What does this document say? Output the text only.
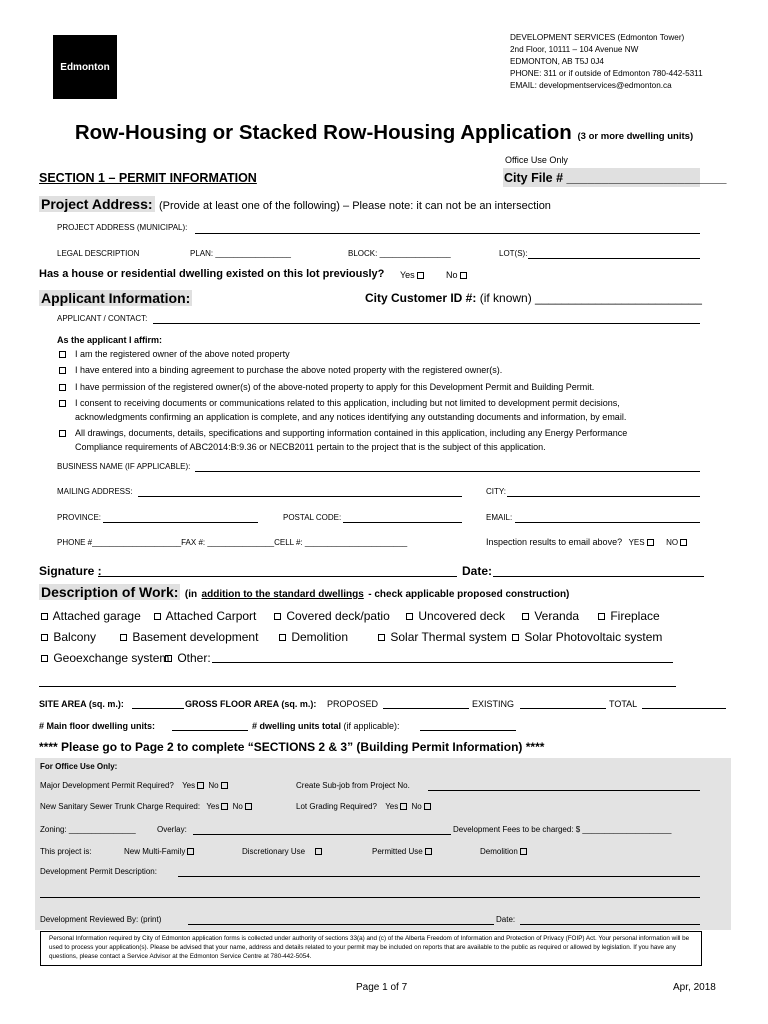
Edmonton
DEVELOPMENT SERVICES (Edmonton Tower)
2nd Floor, 10111 – 104 Avenue NW
EDMONTON, AB T5J 0J4
PHONE: 311 or if outside of Edmonton 780-442-5311
EMAIL: developmentservices@edmonton.ca
Row-Housing or Stacked Row-Housing Application (3 or more dwelling units)
Office Use Only
City File # _______________________
SECTION 1 – PERMIT INFORMATION
Project Address: (Provide at least one of the following) – Please note: it can not be an intersection
PROJECT ADDRESS (MUNICIPAL):
LEGAL DESCRIPTION	PLAN: _________________	BLOCK: ________________	LOT(S):
Has a house or residential dwelling existed on this lot previously? Yes	No
Applicant Information:	City Customer ID #: (if known) _________________________
APPLICANT / CONTACT:
As the applicant I affirm:
I am the registered owner of the above noted property
I have entered into a binding agreement to purchase the above noted property with the registered owner(s).
I have permission of the registered owner(s) of the above-noted property to apply for this Development Permit and Building Permit.
I consent to receiving documents or communications related to this application, including but not limited to development permit decisions,
acknowledgments confirming an application is complete, and any notices identifying any outstanding documents and information, by email.
All drawings, documents, details, specifications and supporting information contained in this application, including any Energy Performance
Compliance requirements of ABC2014:B:9.36 or NECB2011 pertain to the project that is the subject of this application.
BUSINESS NAME (IF APPLICABLE):
MAILING ADDRESS:	CITY:
PROVINCE:	POSTAL CODE:	EMAIL:
PHONE #____________________FAX #: _______________CELL #: _______________________	Inspection results to email above? YES	NO
Signature :	Date:
Description of Work: (in addition to the standard dwellings - check applicable proposed construction)
Attached garage	Attached Carport	Covered deck/patio	Uncovered deck	Veranda	Fireplace
Balcony	Basement development	Demolition	Solar Thermal system	Solar Photovoltaic system
Geoexchange system Other:
SITE AREA (sq. m.):	GROSS FLOOR AREA (sq. m.): PROPOSED	EXISTING	TOTAL
# Main floor dwelling units:	# dwelling units total (if applicable):
**** Please go to Page 2 to complete “SECTIONS 2 & 3” (Building Permit Information) ****
For Office Use Only:
Major Development Permit Required? Yes No	Create Sub-job from Project No.
New Sanitary Sewer Trunk Charge Required: Yes No	Lot Grading Required? Yes No
Zoning: _______________	Overlay:	Development Fees to be charged: $ ____________________
This project is:	New Multi-Family	Discretionary Use	Permitted Use	Demolition
Development Permit Description:
Development Reviewed By: (print)	Date:
Personal Information required by City of Edmonton application forms is collected under authority of sections 33(a) and (c) of the Alberta Freedom of Information and Protection of Privacy (FOIP) Act. Your personal information will be used to process your application(s). Please be advised that your name, address and details related to your permit may be included on reports that are available to the public as required or allowed by legislation. If you have any questions, please contact a Service Advisor at the Edmonton Service Centre at 780-442-5054.
Page 1 of 7	Apr, 2018
